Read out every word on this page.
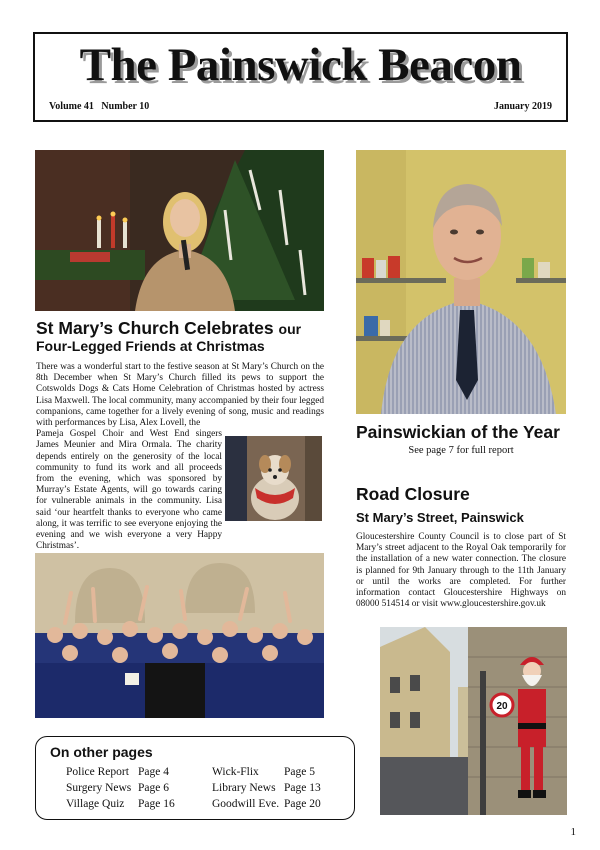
The Painswick Beacon
Volume 41   Number 10	January 2019
St Mary’s Church Celebrates our
Four-Legged Friends at Christmas

There was a wonderful start to the festive season at St Mary’s Church on the 8th December when St Mary’s Church filled its pews to support the Cotswolds Dogs & Cats Home Celebration of Christmas hosted by actress Lisa Maxwell. The local community, many accompanied by their four legged companions, came together for a lively evening of song, music and readings with performances by Lisa, Alex Lovell, the

Pameja Gospel Choir and West End singers James Meunier and Mira Ormala. The charity depends entirely on the generosity of the local community to fund its work and all proceeds from the evening, which was sponsored by Murray’s Estate Agents, will go towards caring for vulnerable animals in the community. Lisa said ‘our heartfelt thanks to everyone who came along, it was terrific to see everyone enjoying the evening and we wish everyone a very Happy Christmas’.

Painswickian of the Year
See page 7 for full report
Road Closure
St Mary’s Street, Painswick
Gloucestershire County Council is to close part of St Mary’s street adjacent to the Royal Oak temporarily for the installation of a new water connection. The closure is planned for 9th January through to the 11th January or until the works are completed. For further information contact Gloucestershire Highways on 08000 514514 or visit www.gloucestershire.gov.uk
20
On other pages
Police Report Page 4
Surgery News Page 6
Village Quiz Page 16
Wick-Flix Page 5
Library News Page 13
Goodwill Eve. Page 20
1
